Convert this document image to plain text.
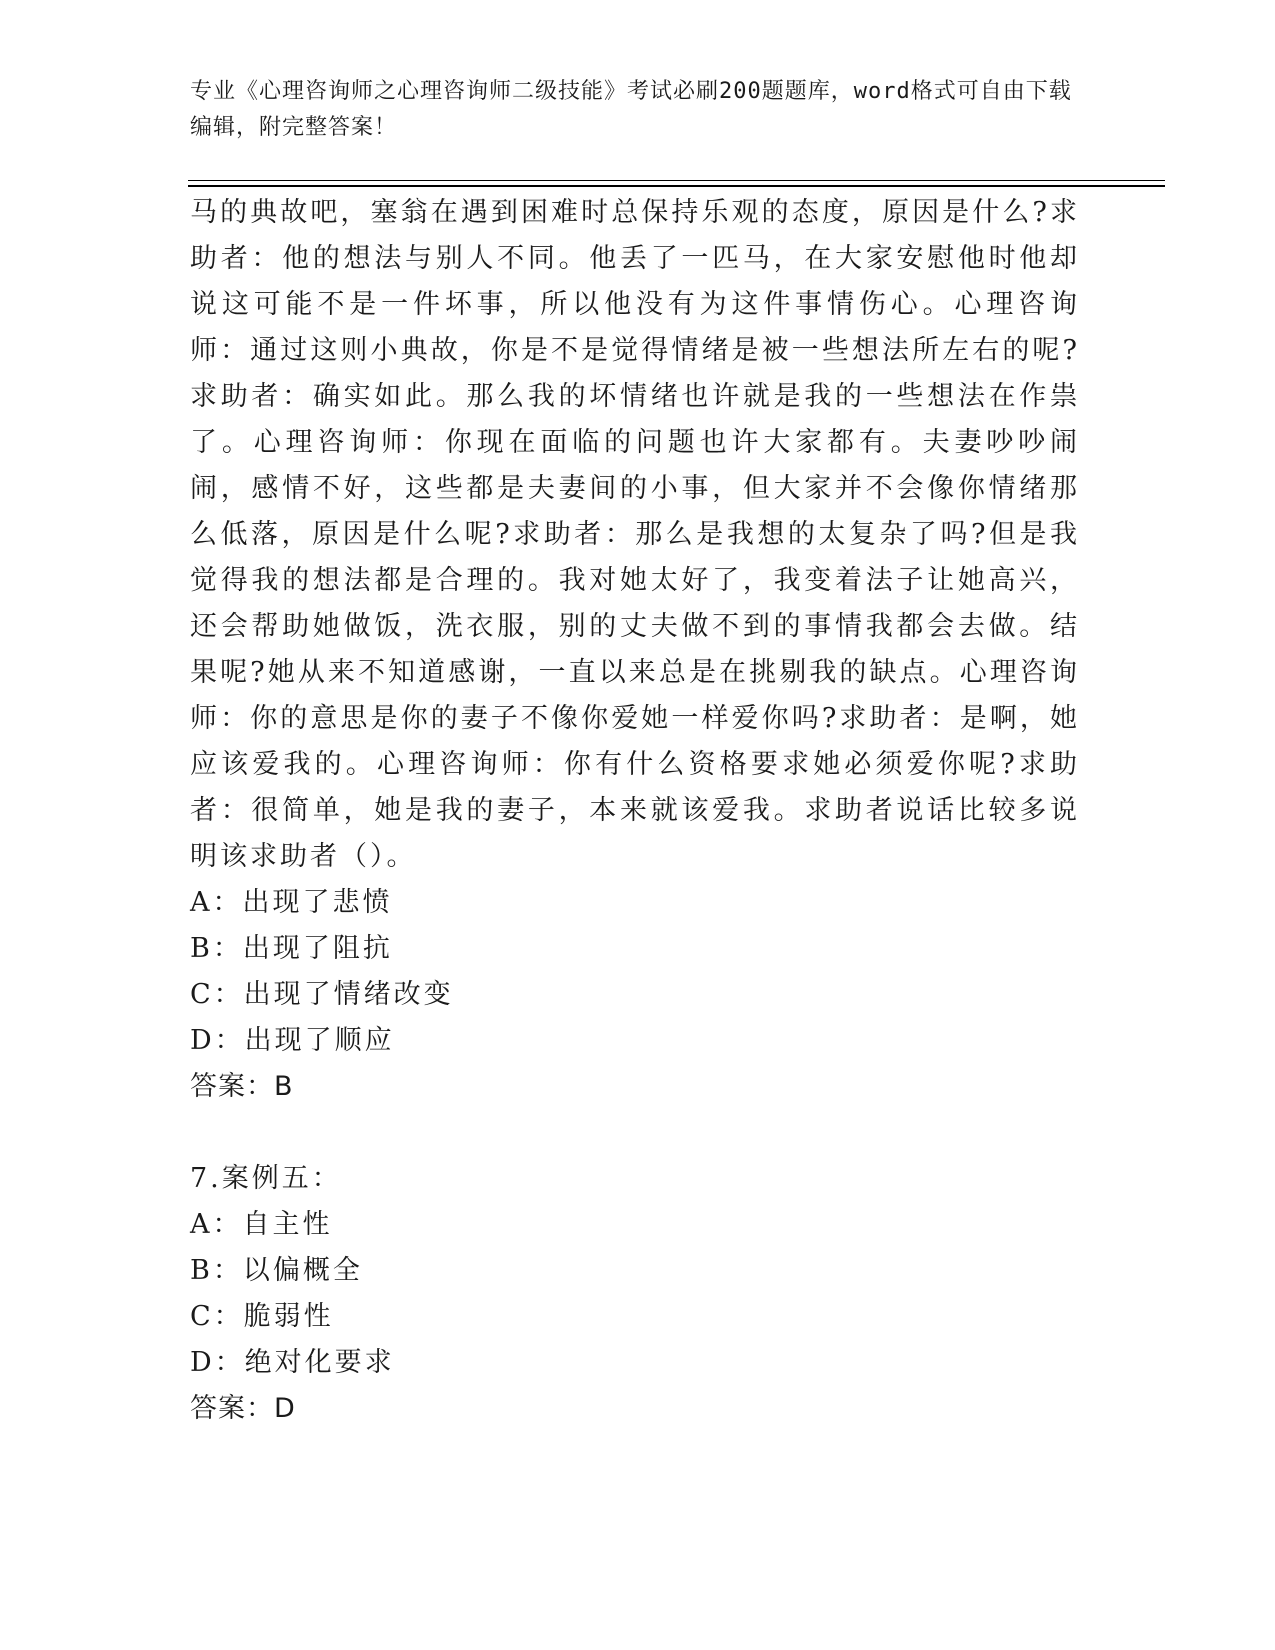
专业《心理咨询师之心理咨询师二级技能》考试必刷200题题库，word格式可自由下载编辑，附完整答案！

马的典故吧，塞翁在遇到困难时总保持乐观的态度，原因是什么?求助者：他的想法与别人不同。他丢了一匹马，在大家安慰他时他却说这可能不是一件坏事，所以他没有为这件事情伤心。心理咨询师：通过这则小典故，你是不是觉得情绪是被一些想法所左右的呢?求助者：确实如此。那么我的坏情绪也许就是我的一些想法在作祟了。心理咨询师：你现在面临的问题也许大家都有。夫妻吵吵闹闹，感情不好，这些都是夫妻间的小事，但大家并不会像你情绪那么低落，原因是什么呢?求助者：那么是我想的太复杂了吗?但是我觉得我的想法都是合理的。我对她太好了，我变着法子让她高兴，还会帮助她做饭，洗衣服，别的丈夫做不到的事情我都会去做。结果呢?她从来不知道感谢，一直以来总是在挑剔我的缺点。心理咨询师：你的意思是你的妻子不像你爱她一样爱你吗?求助者：是啊，她应该爱我的。心理咨询师：你有什么资格要求她必须爱你呢?求助者：很简单，她是我的妻子，本来就该爱我。求助者说话比较多说明该求助者（）。

A：出现了悲愤

B：出现了阻抗

C：出现了情绪改变

D：出现了顺应

答案：B

7.案例五：

A：自主性

B：以偏概全

C：脆弱性

D：绝对化要求

答案：D
